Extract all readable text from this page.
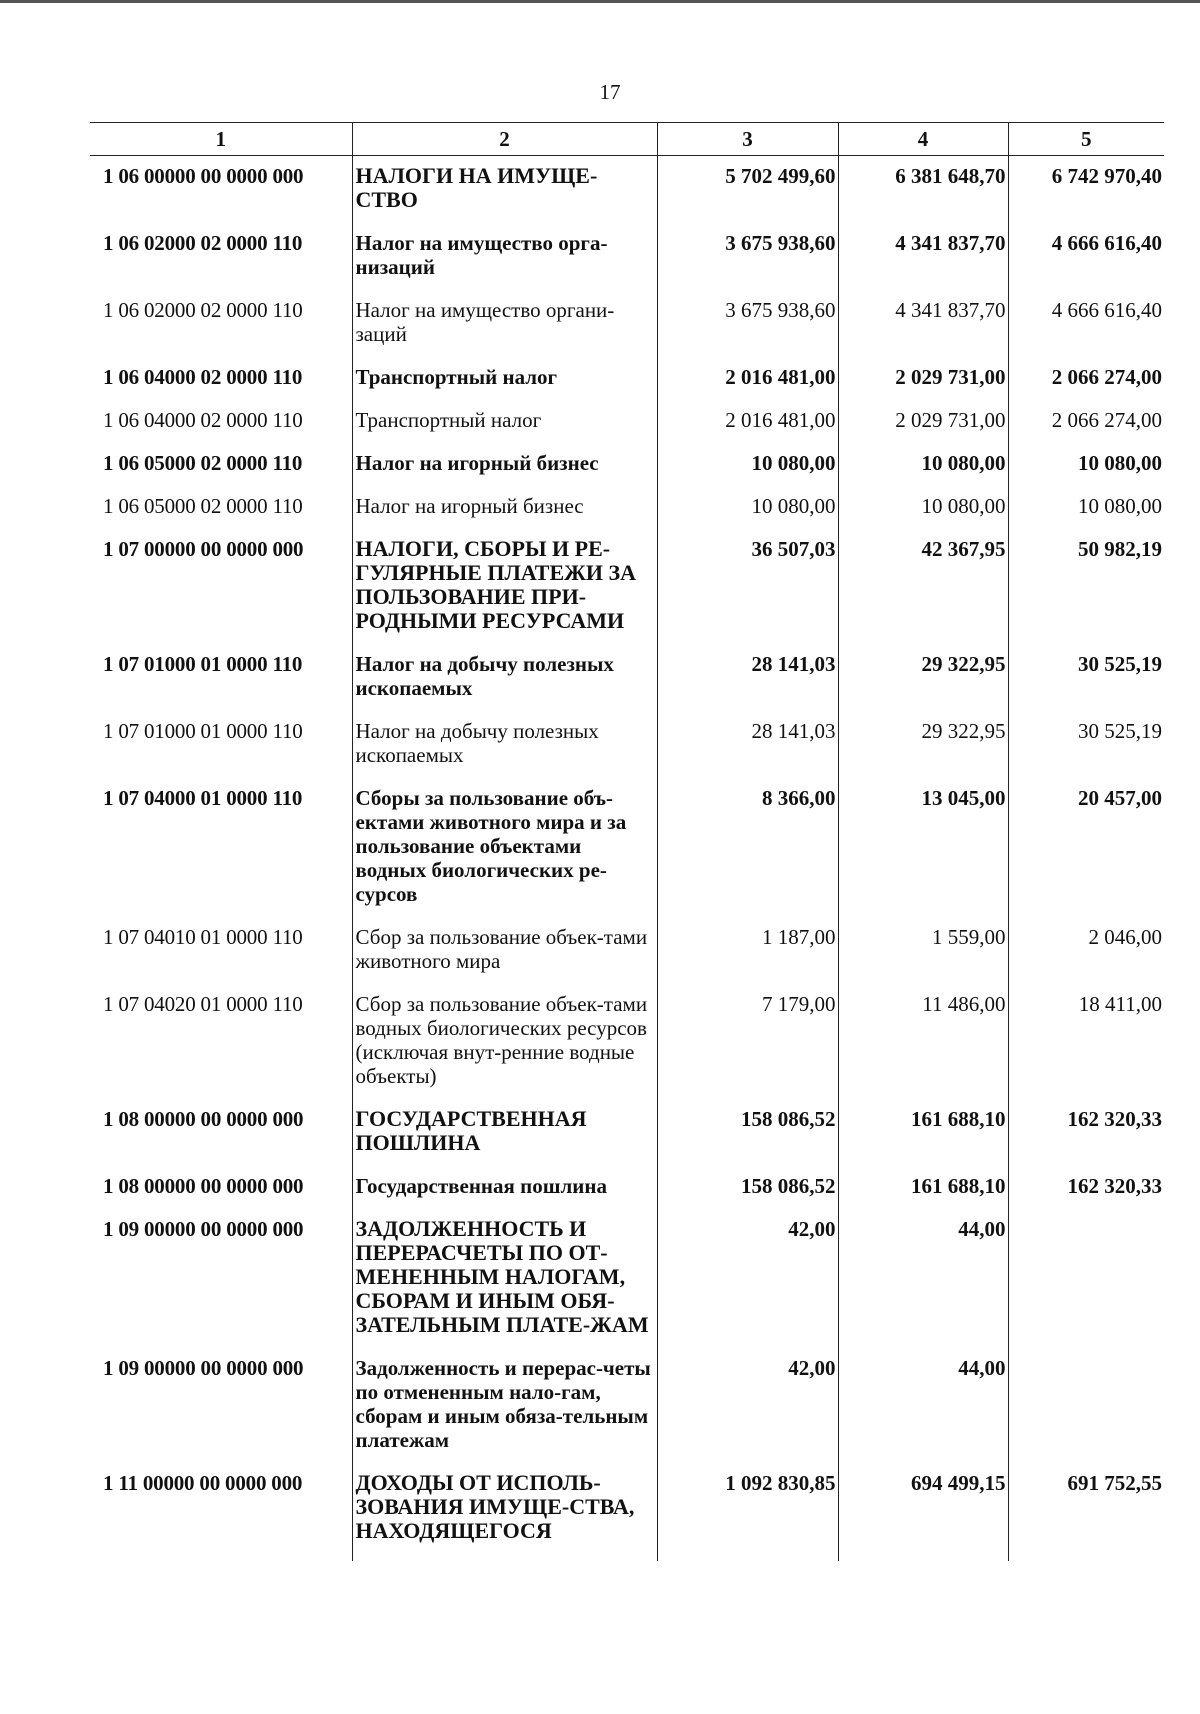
17
1	2	3	4	5
1 06 00000 00 0000 000	НАЛОГИ НА ИМУЩЕ-СТВО	5 702 499,60	6 381 648,70	6 742 970,40
1 06 02000 02 0000 110	Налог на имущество орга-низаций	3 675 938,60	4 341 837,70	4 666 616,40
1 06 02000 02 0000 110	Налог на имущество органи-заций	3 675 938,60	4 341 837,70	4 666 616,40
1 06 04000 02 0000 110	Транспортный налог	2 016 481,00	2 029 731,00	2 066 274,00
1 06 04000 02 0000 110	Транспортный налог	2 016 481,00	2 029 731,00	2 066 274,00
1 06 05000 02 0000 110	Налог на игорный бизнес	10 080,00	10 080,00	10 080,00
1 06 05000 02 0000 110	Налог на игорный бизнес	10 080,00	10 080,00	10 080,00
1 07 00000 00 0000 000	НАЛОГИ, СБОРЫ И РЕ-ГУЛЯРНЫЕ ПЛАТЕЖИ ЗА ПОЛЬЗОВАНИЕ ПРИ-РОДНЫМИ РЕСУРСАМИ	36 507,03	42 367,95	50 982,19
1 07 01000 01 0000 110	Налог на добычу полезных ископаемых	28 141,03	29 322,95	30 525,19
1 07 01000 01 0000 110	Налог на добычу полезных ископаемых	28 141,03	29 322,95	30 525,19
1 07 04000 01 0000 110	Сборы за пользование объ-ектами животного мира и за пользование объектами водных биологических ре-сурсов	8 366,00	13 045,00	20 457,00
1 07 04010 01 0000 110	Сбор за пользование объек-тами животного мира	1 187,00	1 559,00	2 046,00
1 07 04020 01 0000 110	Сбор за пользование объек-тами водных биологических ресурсов (исключая внут-ренние водные объекты)	7 179,00	11 486,00	18 411,00
1 08 00000 00 0000 000	ГОСУДАРСТВЕННАЯ ПОШЛИНА	158 086,52	161 688,10	162 320,33
1 08 00000 00 0000 000	Государственная пошлина	158 086,52	161 688,10	162 320,33
1 09 00000 00 0000 000	ЗАДОЛЖЕННОСТЬ И ПЕРЕРАСЧЕТЫ ПО ОТ-МЕНЕННЫМ НАЛОГАМ, СБОРАМ И ИНЫМ ОБЯ-ЗАТЕЛЬНЫМ ПЛАТЕ-ЖАМ	42,00	44,00	
1 09 00000 00 0000 000	Задолженность и перерас-четы по отмененным нало-гам, сборам и иным обяза-тельным платежам	42,00	44,00	
1 11 00000 00 0000 000	ДОХОДЫ ОТ ИСПОЛЬ-ЗОВАНИЯ ИМУЩЕ-СТВА, НАХОДЯЩЕГОСЯ	1 092 830,85	694 499,15	691 752,55
